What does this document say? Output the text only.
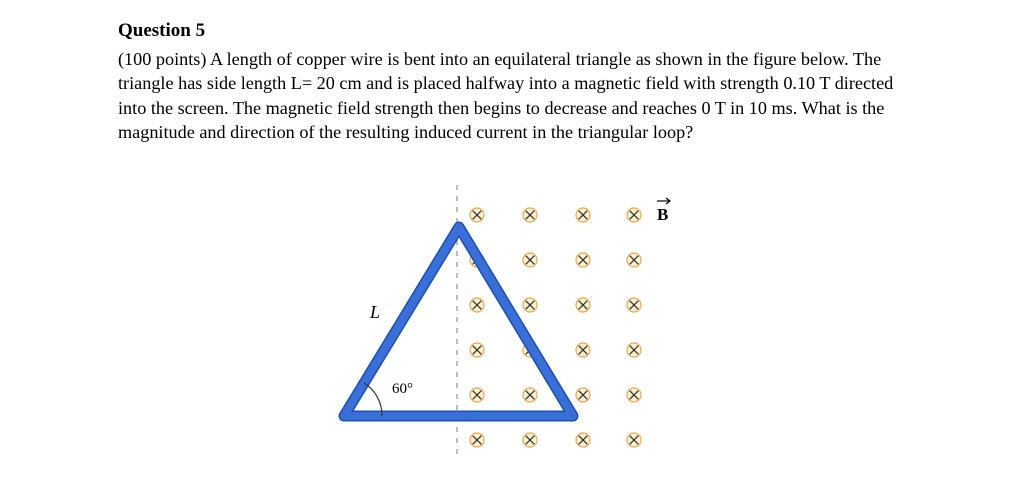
Question 5

(100 points) A length of copper wire is bent into an equilateral triangle as shown in the figure below. The triangle has side length L= 20 cm and is placed halfway into a magnetic field with strength 0.10 T directed into the screen. The magnetic field strength then begins to decrease and reaches 0 T in 10 ms. What is the magnitude and direction of the resulting induced current in the triangular loop?

L
60°
B
